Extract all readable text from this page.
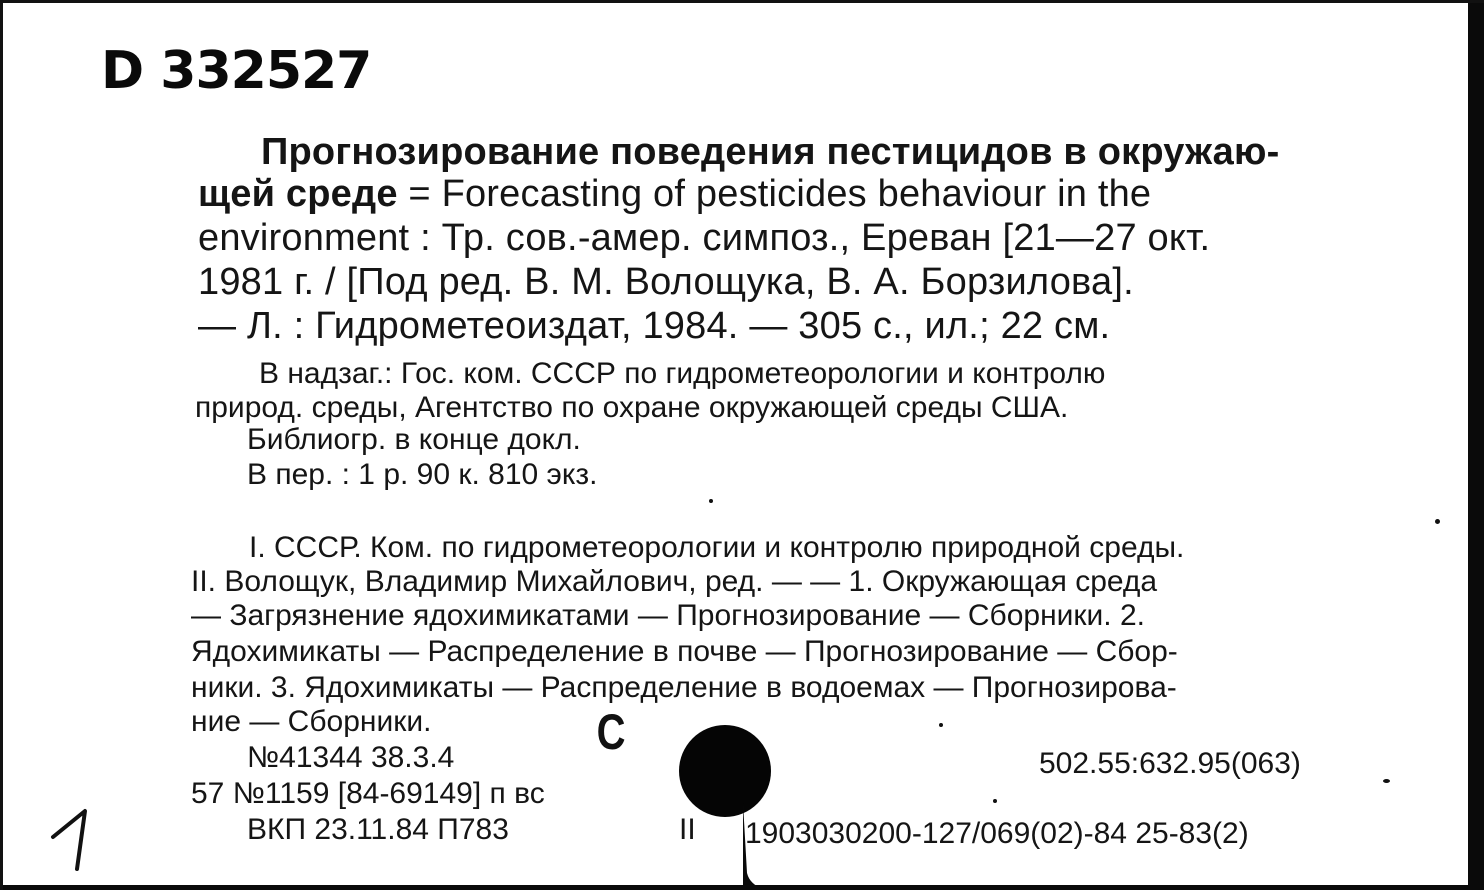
D 332527
Прогнозирование поведения пестицидов в окружаю-
щей среде = Forecasting of pesticides behaviour in the
environment : Тр. сов.-амер. симпоз., Ереван [21—27 окт.
1981 г. / [Под ред. В. М. Волощука, В. А. Борзилова].
— Л. : Гидрометеоиздат, 1984. — 305 с., ил.; 22 см.
В надзаг.: Гос. ком. СССР по гидрометеорологии и контролю
природ. среды, Агентство по охране окружающей среды США.
Библиогр. в конце докл.
В пер. : 1 р. 90 к. 810 экз.
I. СССР. Ком. по гидрометеорологии и контролю природной среды.
II. Волощук, Владимир Михайлович, ред. — — 1. Окружающая среда
— Загрязнение ядохимикатами — Прогнозирование — Сборники. 2.
Ядохимикаты — Распределение в почве — Прогнозирование — Сбор-
ники. 3. Ядохимикаты — Распределение в водоемах — Прогнозирова-
ние — Сборники.	С
№41344 38.3.4	502.55:632.95(063)
57 №1159 [84-69149] п вс
ВКП 23.11.84 П783	II 1903030200-127/069(02)-84 25-83(2)
